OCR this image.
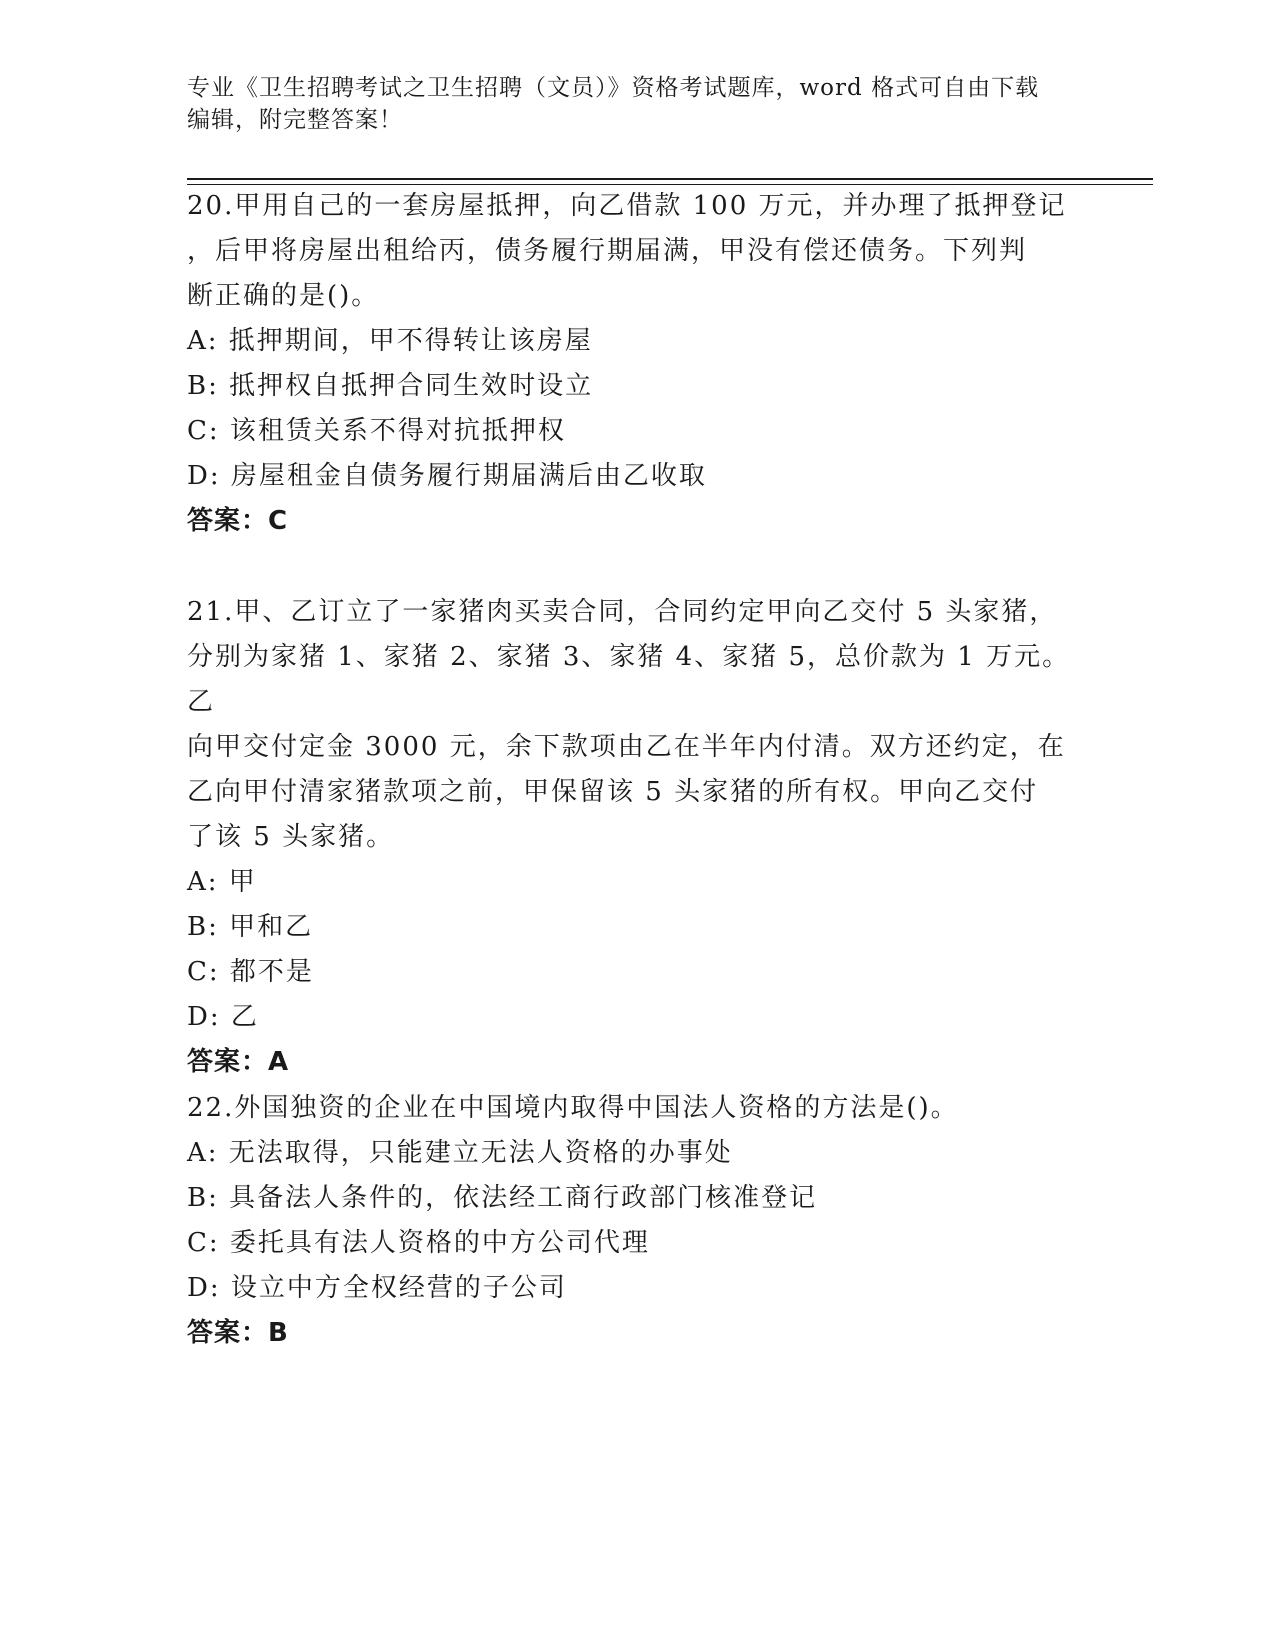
专业《卫生招聘考试之卫生招聘（文员）》资格考试题库，word 格式可自由下载
编辑，附完整答案！
20.甲用自己的一套房屋抵押，向乙借款 100 万元，并办理了抵押登记
，后甲将房屋出租给丙，债务履行期届满，甲没有偿还债务。下列判
断正确的是()。
A: 抵押期间，甲不得转让该房屋
B: 抵押权自抵押合同生效时设立
C: 该租赁关系不得对抗抵押权
D: 房屋租金自债务履行期届满后由乙收取
答案：C
21.甲、乙订立了一家猪肉买卖合同，合同约定甲向乙交付 5 头家猪，
分别为家猪 1、家猪 2、家猪 3、家猪 4、家猪 5，总价款为 1 万元。乙
向甲交付定金 3000 元，余下款项由乙在半年内付清。双方还约定，在
乙向甲付清家猪款项之前，甲保留该 5 头家猪的所有权。甲向乙交付
了该 5 头家猪。
A: 甲
B: 甲和乙
C: 都不是
D: 乙
答案：A
22.外国独资的企业在中国境内取得中国法人资格的方法是()。
A: 无法取得，只能建立无法人资格的办事处
B: 具备法人条件的，依法经工商行政部门核准登记
C: 委托具有法人资格的中方公司代理
D: 设立中方全权经营的子公司
答案：B
